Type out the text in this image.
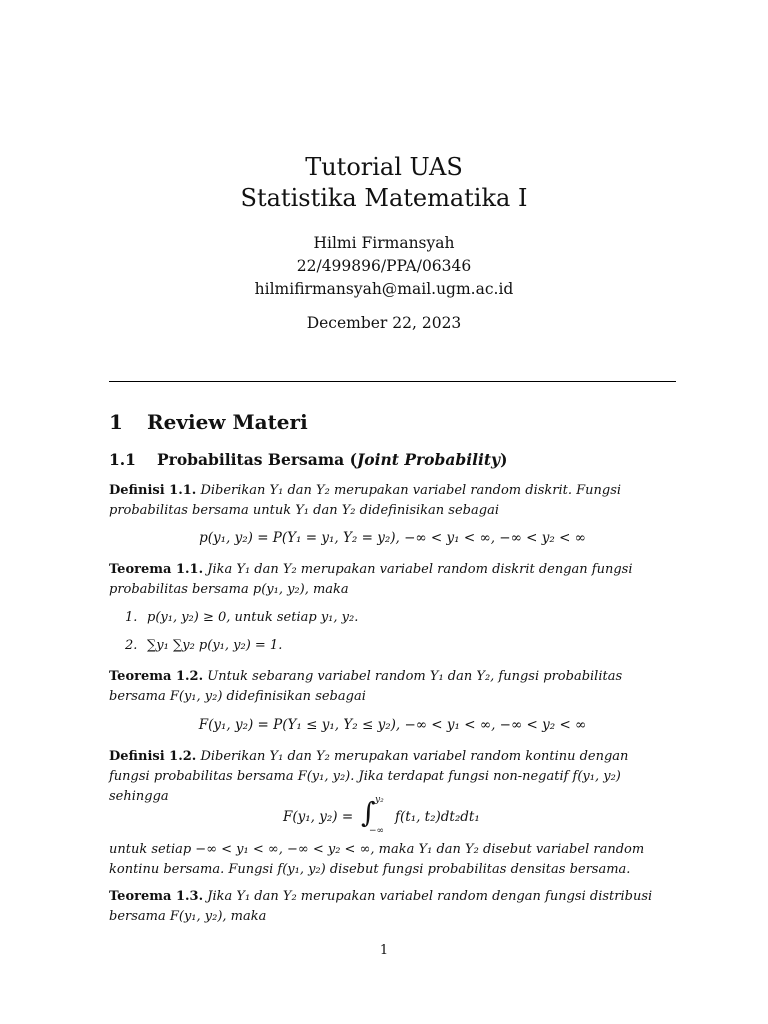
Tutorial UAS
Statistika Matematika I
Hilmi Firmansyah
22/499896/PPA/06346
hilmifirmansyah@mail.ugm.ac.id
December 22, 2023
1 Review Materi
1.1 Probabilitas Bersama (Joint Probability)
Definisi 1.1. Diberikan Y₁ dan Y₂ merupakan variabel random diskrit. Fungsi probabilitas bersama untuk Y₁ dan Y₂ didefinisikan sebagai
p(y₁, y₂) = P(Y₁ = y₁, Y₂ = y₂), −∞ < y₁ < ∞, −∞ < y₂ < ∞
Teorema 1.1. Jika Y₁ dan Y₂ merupakan variabel random diskrit dengan fungsi probabilitas bersama p(y₁, y₂), maka
1. p(y₁, y₂) ≥ 0, untuk setiap y₁, y₂.
2. ∑y₁ ∑y₂ p(y₁, y₂) = 1.
Teorema 1.2. Untuk sebarang variabel random Y₁ dan Y₂, fungsi probabilitas bersama F(y₁, y₂) didefinisikan sebagai
F(y₁, y₂) = P(Y₁ ≤ y₁, Y₂ ≤ y₂), −∞ < y₁ < ∞, −∞ < y₂ < ∞
Definisi 1.2. Diberikan Y₁ dan Y₂ merupakan variabel random kontinu dengan fungsi probabilitas bersama F(y₁, y₂). Jika terdapat fungsi non-negatif f(y₁, y₂) sehingga
F(y₁, y₂) = ∫ y₂
−∞
f(t₁, t₂)dt₂dt₁
untuk setiap −∞ < y₁ < ∞, −∞ < y₂ < ∞, maka Y₁ dan Y₂ disebut variabel random kontinu bersama. Fungsi f(y₁, y₂) disebut fungsi probabilitas densitas bersama.
Teorema 1.3. Jika Y₁ dan Y₂ merupakan variabel random dengan fungsi distribusi bersama F(y₁, y₂), maka
1
